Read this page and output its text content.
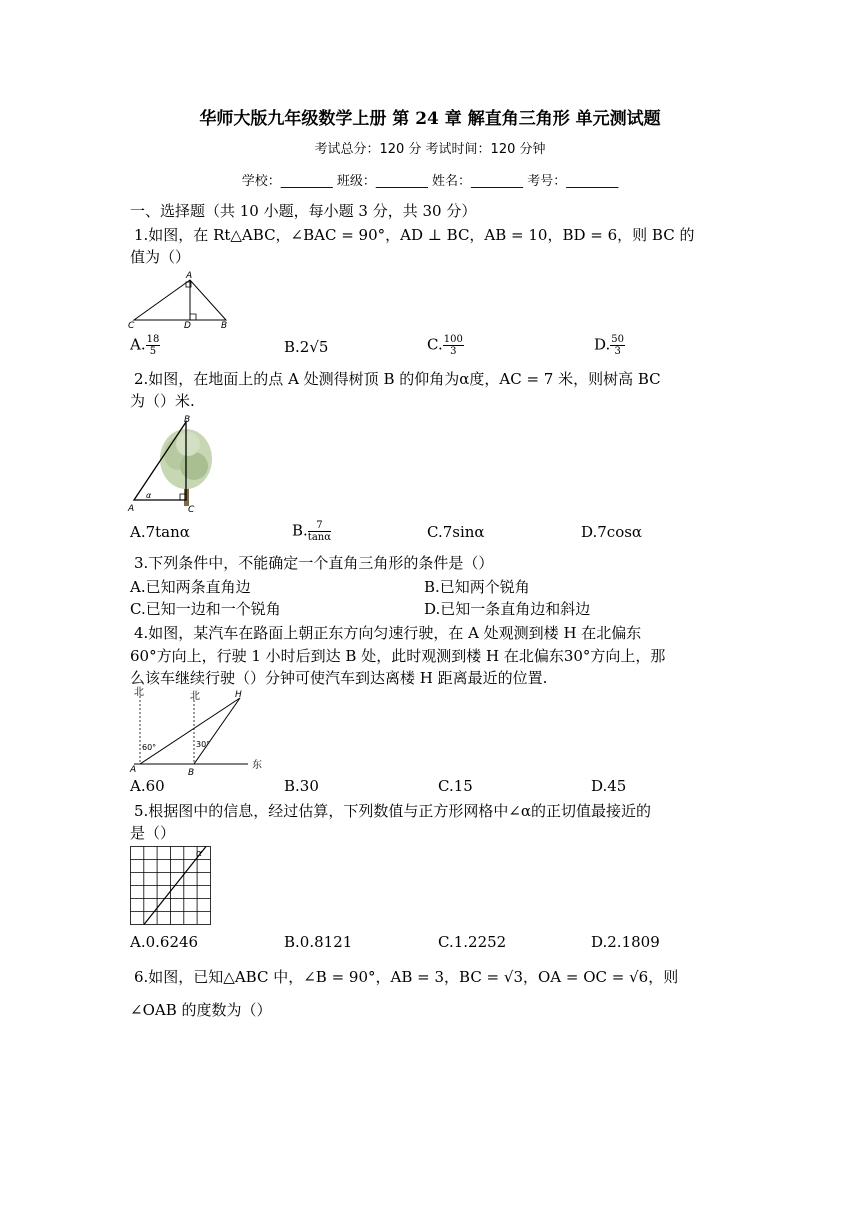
华师大版九年级数学上册 第 24 章 解直角三角形 单元测试题
考试总分：120 分 考试时间：120 分钟
学校：________ 班级：________ 姓名：________ 考号：________
一、选择题（共 10 小题，每小题 3 分，共 30 分）
1.如图，在 Rt△ABC，∠BAC = 90°，AD ⊥ BC，AB = 10，BD = 6，则 BC 的
值为（）
A
C	D	B
A. $\frac{18}{5}$	B.2√5	C. $\frac{100}{3}$	D. $\frac{50}{3}$
2.如图，在地面上的点 A 处测得树顶 B 的仰角为α度，AC = 7 米，则树高 BC
为（）米.
B
A	C
α
A.7tanα	B. $\frac{7}{\tan\alpha}$	C.7sinα	D.7cosα
3.下列条件中，不能确定一个直角三角形的条件是（）
A.已知两条直角边	B.已知两个锐角
C.已知一边和一个锐角	D.已知一条直角边和斜边
4.如图，某汽车在路面上朝正东方向匀速行驶，在 A 处观测到楼 H 在北偏东
60°方向上，行驶 1 小时后到达 B 处，此时观测到楼 H 在北偏东30°方向上，那
么该车继续行驶（）分钟可使汽车到达离楼 H 距离最近的位置.
北	北	H
60°	30°
A	B
东
A.60	B.30	C.15	D.45
5.根据图中的信息，经过估算，下列数值与正方形网格中∠α的正切值最接近的
是（）
α
A.0.6246	B.0.8121	C.1.2252	D.2.1809
6.如图，已知△ABC 中，∠B = 90°，AB = 3，BC = √3，OA = OC = √6，则
∠OAB 的度数为（）
